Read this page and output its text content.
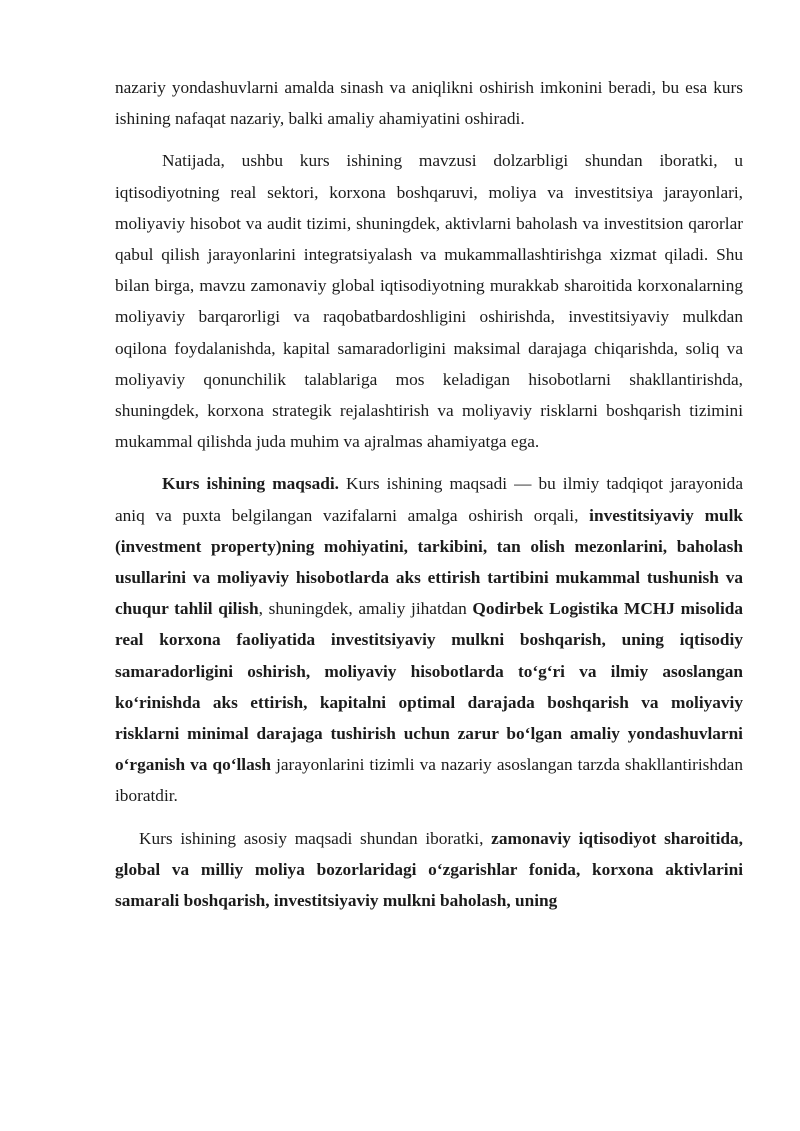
nazariy yondashuvlarni amalda sinash va aniqlikni oshirish imkonini beradi, bu esa kurs ishining nafaqat nazariy, balki amaliy ahamiyatini oshiradi.

Natijada, ushbu kurs ishining mavzusi dolzarbligi shundan iboratki, u iqtisodiyotning real sektori, korxona boshqaruvi, moliya va investitsiya jarayonlari, moliyaviy hisobot va audit tizimi, shuningdek, aktivlarni baholash va investitsion qarorlar qabul qilish jarayonlarini integratsiyalash va mukammallashtirishga xizmat qiladi. Shu bilan birga, mavzu zamonaviy global iqtisodiyotning murakkab sharoitida korxonalarning moliyaviy barqarorligi va raqobatbardoshligini oshirishda, investitsiyaviy mulkdan oqilona foydalanishda, kapital samaradorligini maksimal darajaga chiqarishda, soliq va moliyaviy qonunchilik talablariga mos keladigan hisobotlarni shakllantirishda, shuningdek, korxona strategik rejalashtirish va moliyaviy risklarni boshqarish tizimini mukammal qilishda juda muhim va ajralmas ahamiyatga ega.

Kurs ishining maqsadi. Kurs ishining maqsadi — bu ilmiy tadqiqot jarayonida aniq va puxta belgilangan vazifalarni amalga oshirish orqali, investitsiyaviy mulk (investment property)ning mohiyatini, tarkibini, tan olish mezonlarini, baholash usullarini va moliyaviy hisobotlarda aks ettirish tartibini mukammal tushunish va chuqur tahlil qilish, shuningdek, amaliy jihatdan Qodirbek Logistika MCHJ misolida real korxona faoliyatida investitsiyaviy mulkni boshqarish, uning iqtisodiy samaradorligini oshirish, moliyaviy hisobotlarda to‘g‘ri va ilmiy asoslangan ko‘rinishda aks ettirish, kapitalni optimal darajada boshqarish va moliyaviy risklarni minimal darajaga tushirish uchun zarur bo‘lgan amaliy yondashuvlarni o‘rganish va qo‘llash jarayonlarini tizimli va nazariy asoslangan tarzda shakllantirishdan iboratdir.

Kurs ishining asosiy maqsadi shundan iboratki, zamonaviy iqtisodiyot sharoitida, global va milliy moliya bozorlaridagi o‘zgarishlar fonida, korxona aktivlarini samarali boshqarish, investitsiyaviy mulkni baholash, uning
